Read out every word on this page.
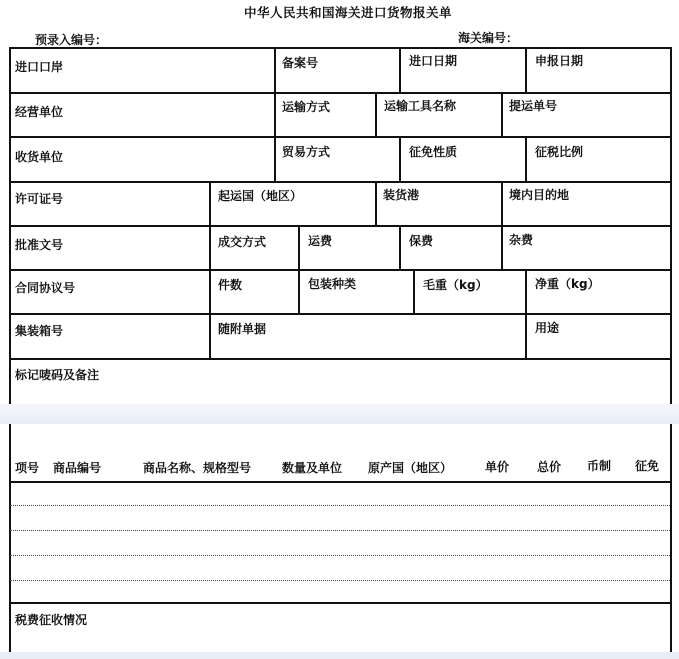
中华人民共和国海关进口货物报关单
预录入编号：	海关编号：
进口口岸	备案号	进口日期	申报日期
经营单位	运输方式	运输工具名称	提运单号
收货单位	贸易方式	征免性质	征税比例
许可证号	起运国（地区）	装货港	境内目的地
批准文号	成交方式	运费	保费	杂费
合同协议号	件数	包装种类	毛重（kg）	净重（kg）
集装箱号	随附单据	用途
标记唛码及备注
项号 商品编号	商品名称、规格型号	数量及单位 原产国（地区）	单价 总价 币制 征免
税费征收情况
